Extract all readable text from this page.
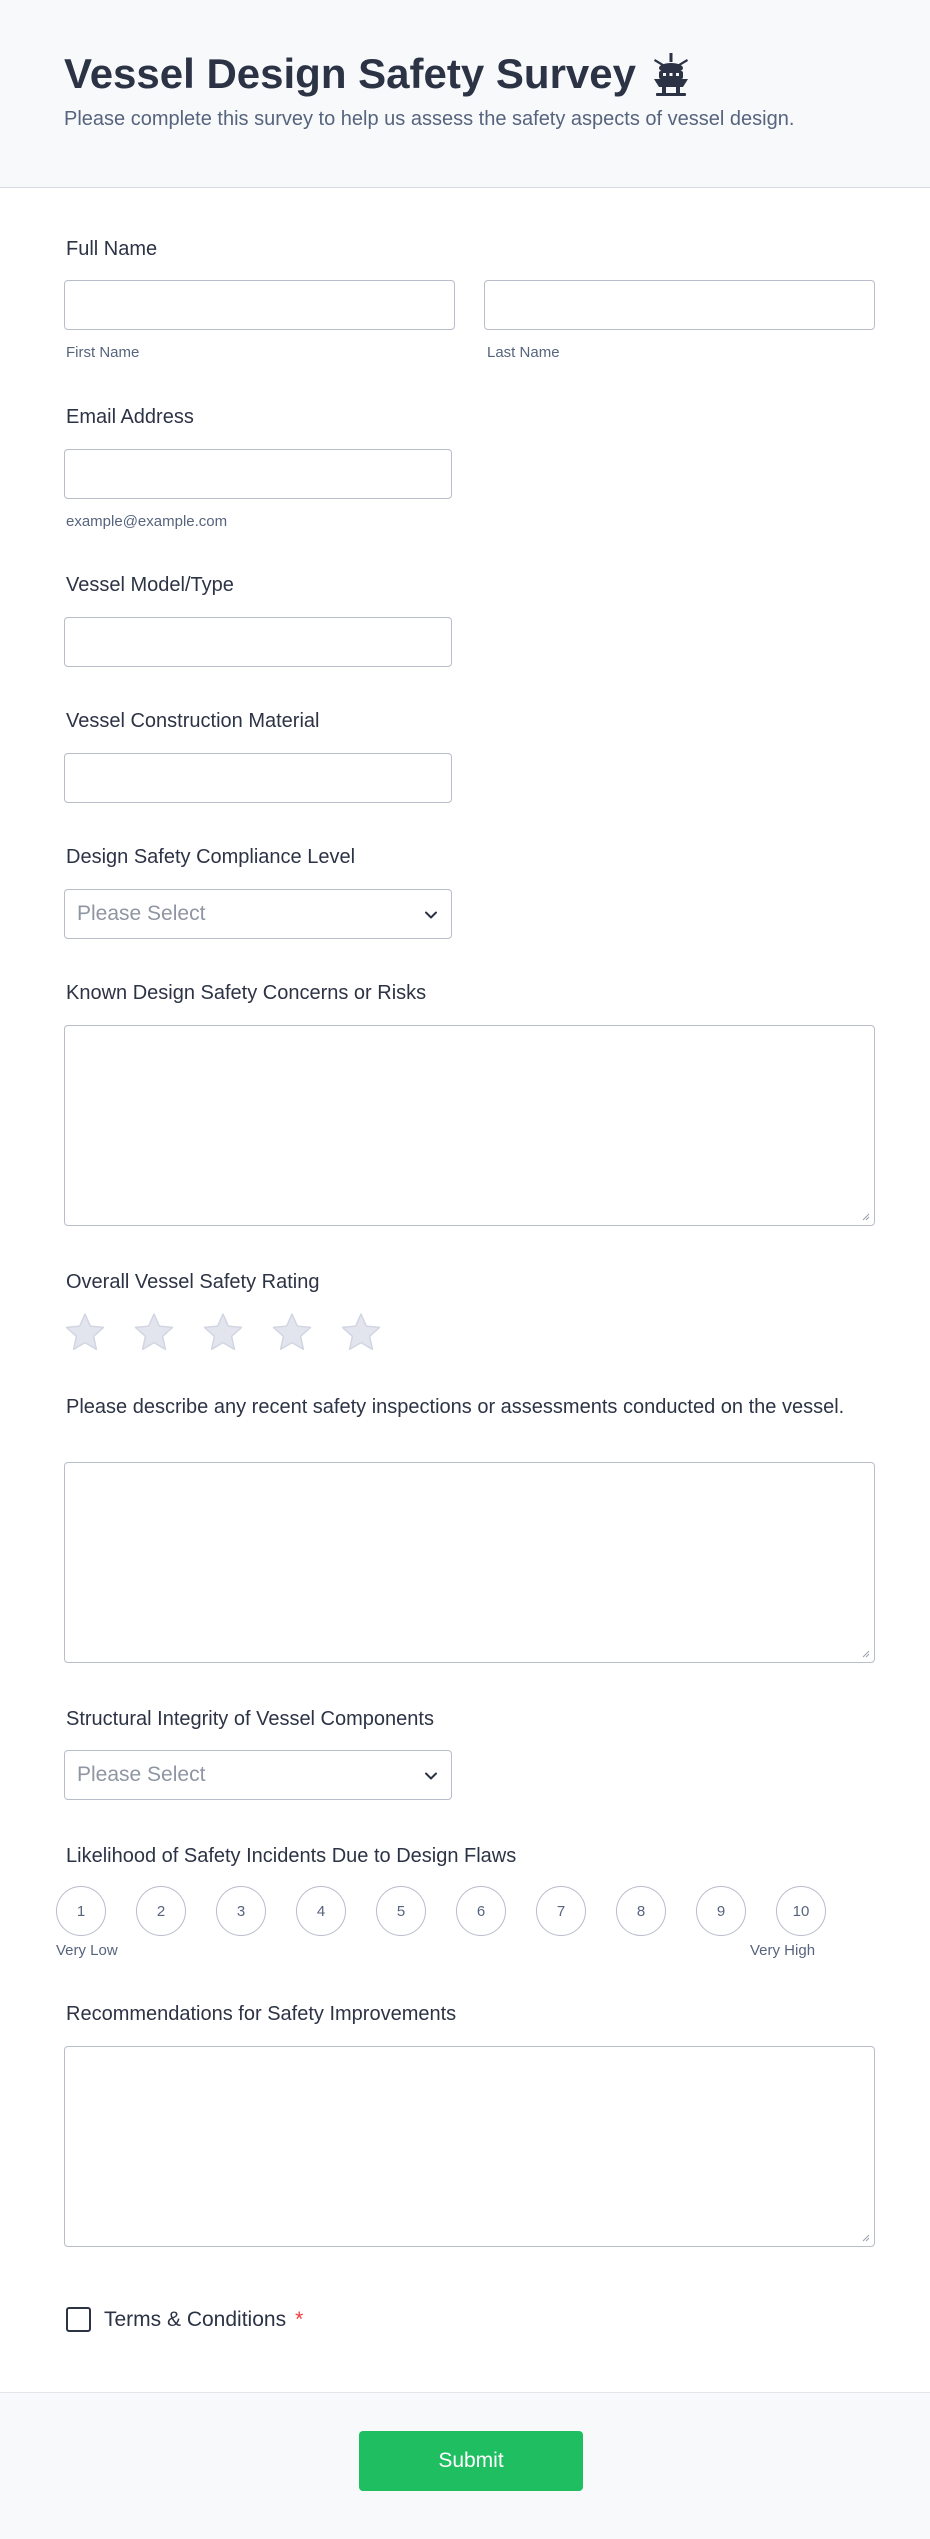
Vessel Design Safety Survey
Please complete this survey to help us assess the safety aspects of vessel design.
Full Name
First Name	Last Name
Email Address
example@example.com
Vessel Model/Type
Vessel Construction Material
Design Safety Compliance Level
Please Select
Known Design Safety Concerns or Risks
Overall Vessel Safety Rating
Please describe any recent safety inspections or assessments conducted on the vessel.
Structural Integrity of Vessel Components
Please Select
Likelihood of Safety Incidents Due to Design Flaws
1	2	3	4	5	6	7	8	9	10
Very Low	Very High
Recommendations for Safety Improvements
Terms & Conditions *
Submit
